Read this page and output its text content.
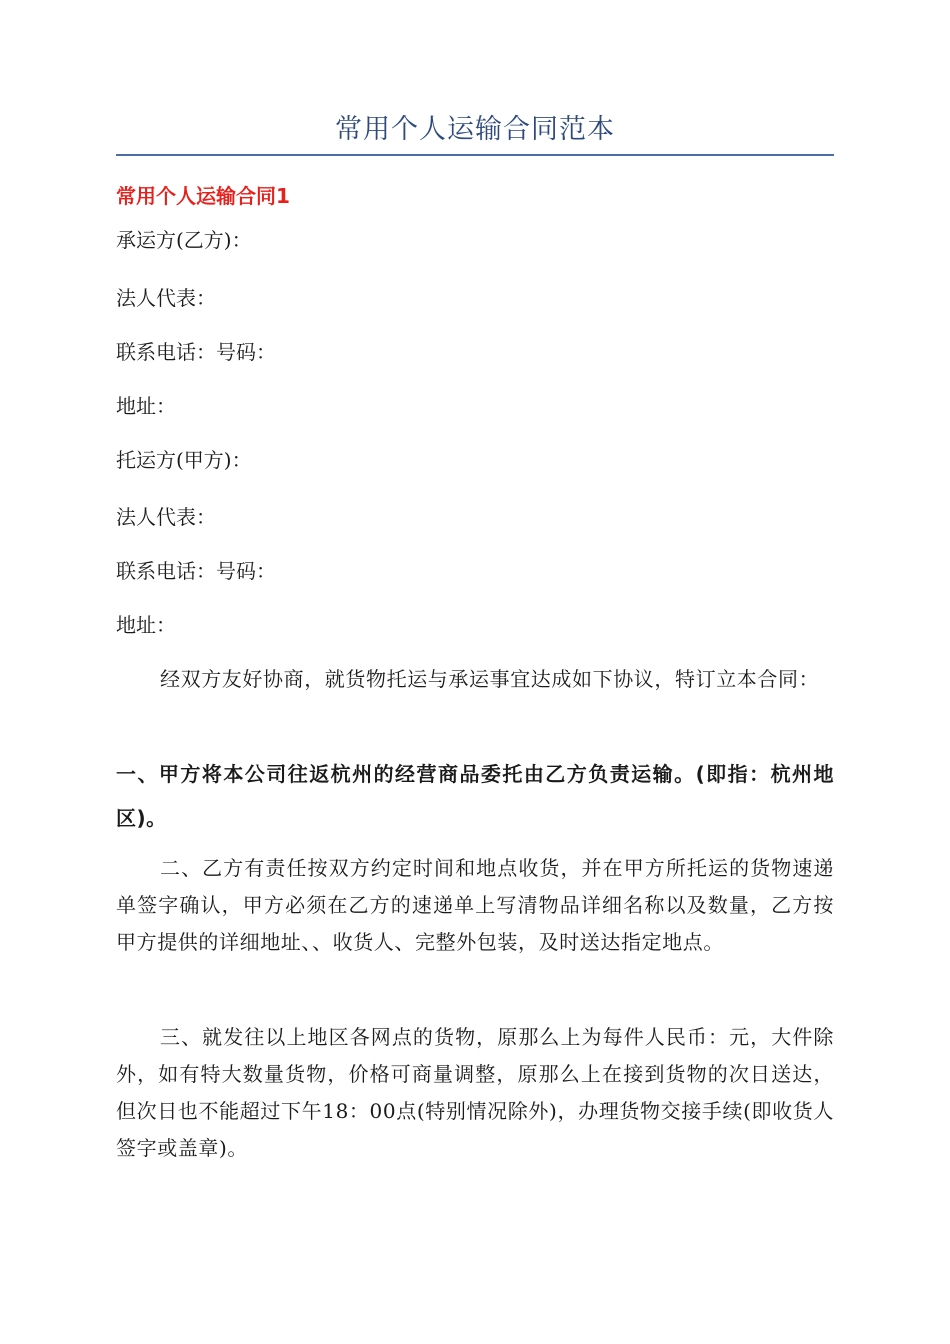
常用个人运输合同范本
常用个人运输合同1
承运方(乙方)：
法人代表：
联系电话：号码：
地址：
托运方(甲方)：
法人代表：
联系电话：号码：
地址：
经双方友好协商，就货物托运与承运事宜达成如下协议，特订立本合同：
一、甲方将本公司往返杭州的经营商品委托由乙方负责运输。(即指：杭州地区)。
二、乙方有责任按双方约定时间和地点收货，并在甲方所托运的货物速递单签字确认，甲方必须在乙方的速递单上写清物品详细名称以及数量，乙方按甲方提供的详细地址、、收货人、完整外包装，及时送达指定地点。
三、就发往以上地区各网点的货物，原那么上为每件人民币：元，大件除外，如有特大数量货物，价格可商量调整，原那么上在接到货物的次日送达，但次日也不能超过下午18：00点(特别情况除外)，办理货物交接手续(即收货人签字或盖章)。
